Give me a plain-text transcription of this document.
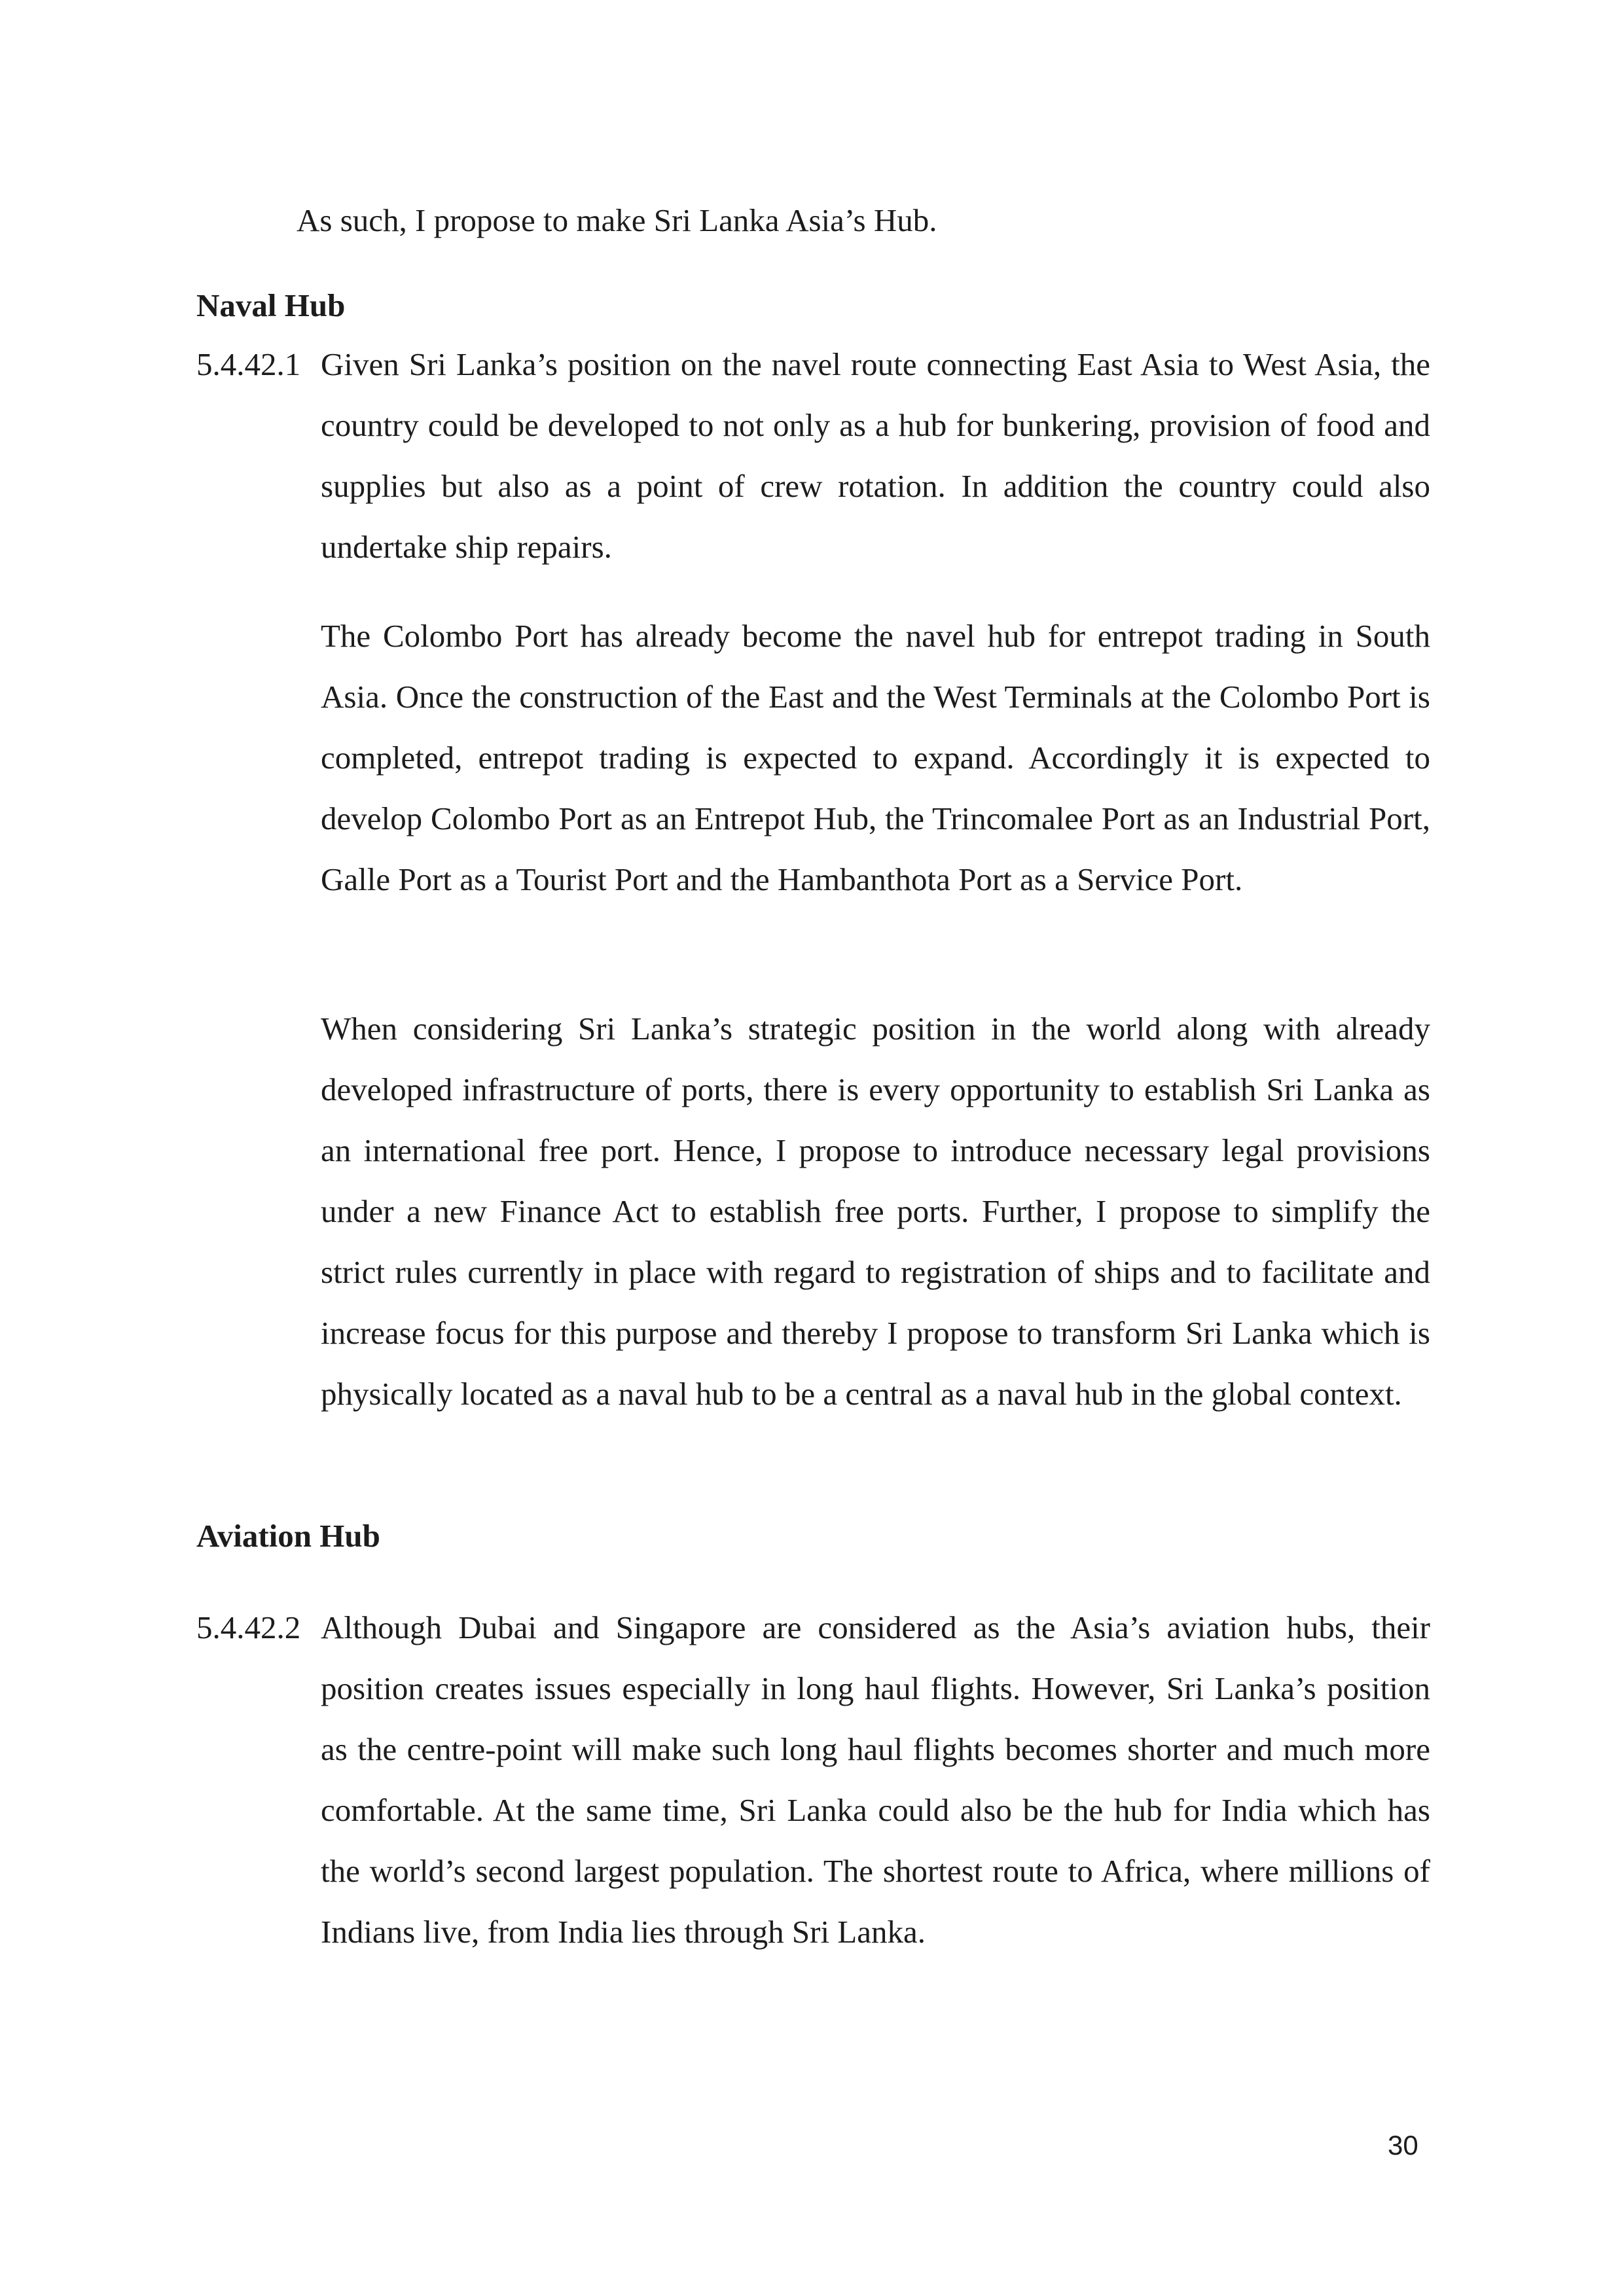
As such, I propose to make Sri Lanka Asia’s Hub.
Naval Hub
5.4.42.1 Given Sri Lanka’s position on the navel route connecting East Asia to West Asia, the country could be developed to not only as a hub for bunkering, provision of food and supplies but also as a point of crew rotation. In addition the country could also undertake ship repairs.
The Colombo Port has already become the navel hub for entrepot trading in South Asia. Once the construction of the East and the West Terminals at the Colombo Port is completed, entrepot trading is expected to expand. Accordingly it is expected to develop Colombo Port as an Entrepot Hub, the Trincomalee Port as an Industrial Port, Galle Port as a Tourist Port and the Hambanthota Port as a Service Port.
When considering Sri Lanka’s strategic position in the world along with already developed infrastructure of ports, there is every opportunity to establish Sri Lanka as an international free port. Hence, I propose to introduce necessary legal provisions under a new Finance Act to establish free ports. Further, I propose to simplify the strict rules currently in place with regard to registration of ships and to facilitate and increase focus for this purpose and thereby I propose to transform Sri Lanka which is physically located as a naval hub to be a central as a naval hub in the global context.
Aviation Hub
5.4.42.2 Although Dubai and Singapore are considered as the Asia’s aviation hubs, their position creates issues especially in long haul flights. However, Sri Lanka’s position as the centre-point will make such long haul flights becomes shorter and much more comfortable. At the same time, Sri Lanka could also be the hub for India which has the world’s second largest population. The shortest route to Africa, where millions of Indians live, from India lies through Sri Lanka.
30
